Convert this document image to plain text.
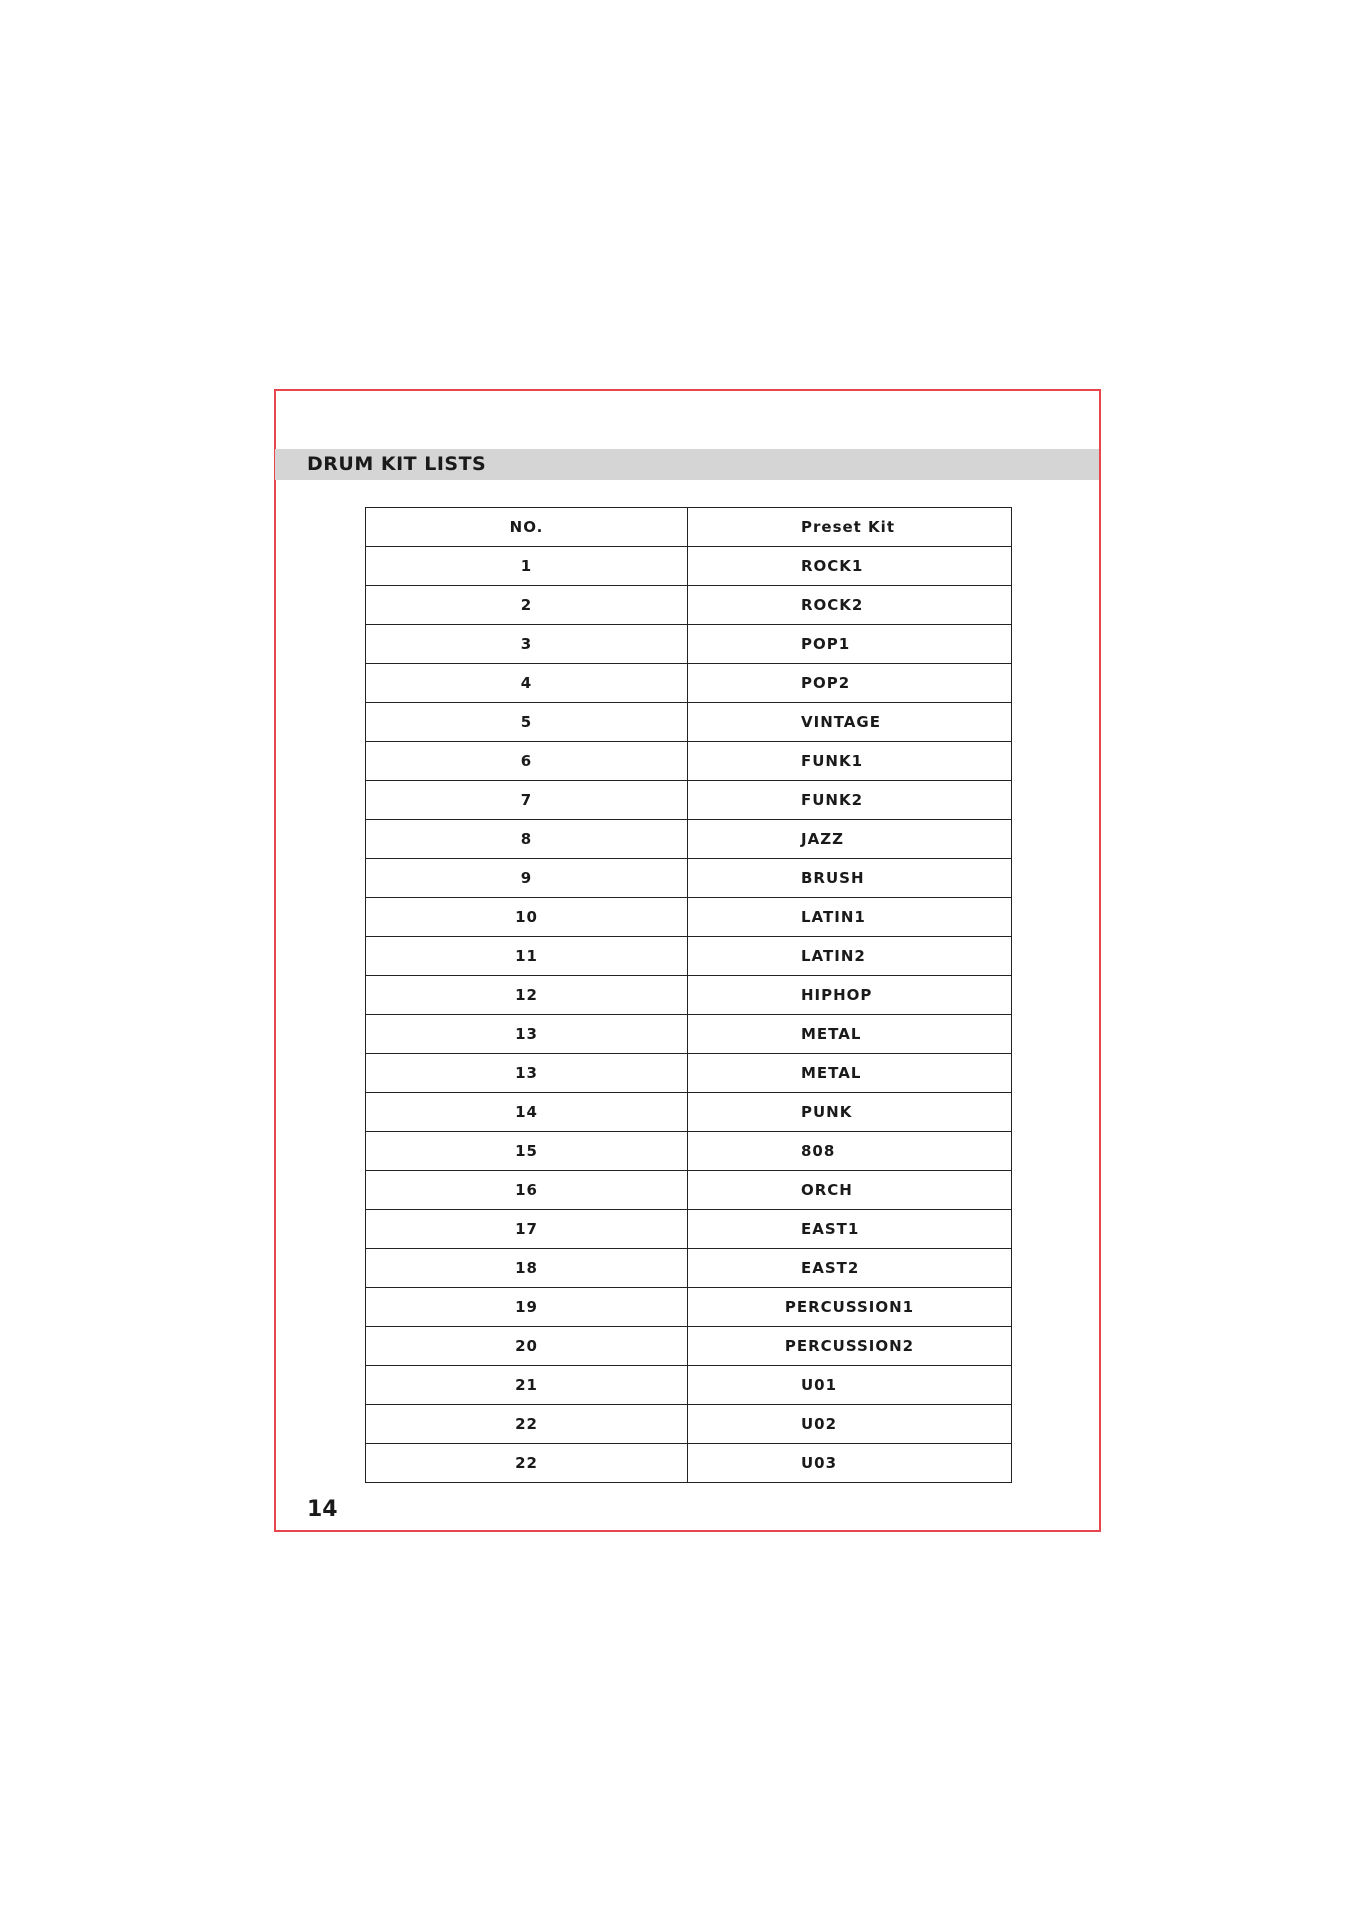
DRUM KIT LISTS
NO.	Preset Kit
1	ROCK1
2	ROCK2
3	POP1
4	POP2
5	VINTAGE
6	FUNK1
7	FUNK2
8	JAZZ
9	BRUSH
10	LATIN1
11	LATIN2
12	HIPHOP
13	METAL
13	METAL
14	PUNK
15	808
16	ORCH
17	EAST1
18	EAST2
19	PERCUSSION1
20	PERCUSSION2
21	U01
22	U02
22	U03
14
